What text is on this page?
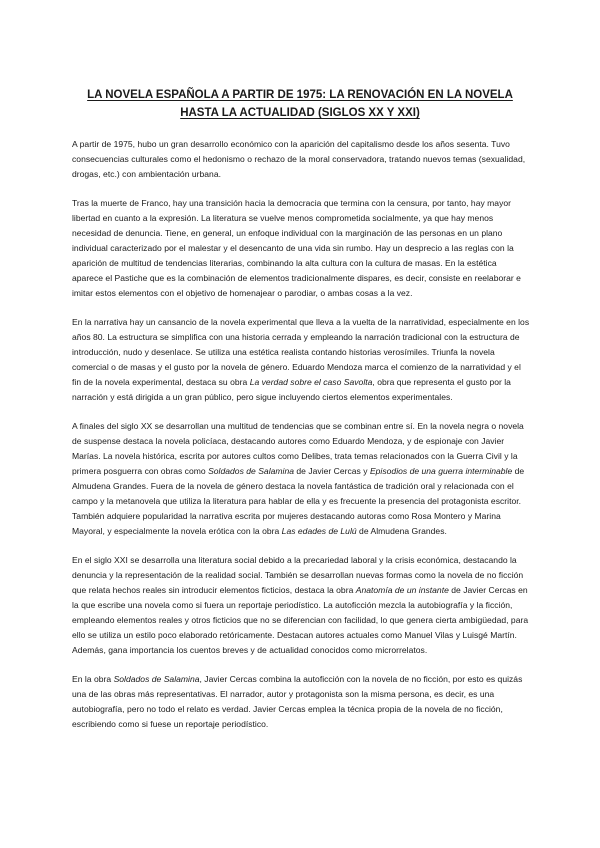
LA NOVELA ESPAÑOLA A PARTIR DE 1975: LA RENOVACIÓN EN LA NOVELA HASTA LA ACTUALIDAD (SIGLOS XX Y XXI)

A partir de 1975, hubo un gran desarrollo económico con la aparición del capitalismo desde los años sesenta. Tuvo consecuencias culturales como el hedonismo o rechazo de la moral conservadora, tratando nuevos temas (sexualidad, drogas, etc.) con ambientación urbana.

Tras la muerte de Franco, hay una transición hacia la democracia que termina con la censura, por tanto, hay mayor libertad en cuanto a la expresión. La literatura se vuelve menos comprometida socialmente, ya que hay menos necesidad de denuncia. Tiene, en general, un enfoque individual con la marginación de las personas en un plano individual caracterizado por el malestar y el desencanto de una vida sin rumbo. Hay un desprecio a las reglas con la aparición de multitud de tendencias literarias, combinando la alta cultura con la cultura de masas. En la estética aparece el Pastiche que es la combinación de elementos tradicionalmente dispares, es decir, consiste en reelaborar e imitar estos elementos con el objetivo de homenajear o parodiar, o ambas cosas a la vez.

En la narrativa hay un cansancio de la novela experimental que lleva a la vuelta de la narratividad, especialmente en los años 80. La estructura se simplifica con una historia cerrada y empleando la narración tradicional con la estructura de introducción, nudo y desenlace. Se utiliza una estética realista contando historias verosímiles. Triunfa la novela comercial o de masas y el gusto por la novela de género. Eduardo Mendoza marca el comienzo de la narratividad y el fin de la novela experimental, destaca su obra La verdad sobre el caso Savolta, obra que representa el gusto por la narración y está dirigida a un gran público, pero sigue incluyendo ciertos elementos experimentales.

A finales del siglo XX se desarrollan una multitud de tendencias que se combinan entre sí. En la novela negra o novela de suspense destaca la novela policíaca, destacando autores como Eduardo Mendoza, y de espionaje con Javier Marías. La novela histórica, escrita por autores cultos como Delibes, trata temas relacionados con la Guerra Civil y la primera posguerra con obras como Soldados de Salamina de Javier Cercas y Episodios de una guerra interminable de Almudena Grandes. Fuera de la novela de género destaca la novela fantástica de tradición oral y relacionada con el campo y la metanovela que utiliza la literatura para hablar de ella y es frecuente la presencia del protagonista escritor. También adquiere popularidad la narrativa escrita por mujeres destacando autoras como Rosa Montero y Marina Mayoral, y especialmente la novela erótica con la obra Las edades de Lulú de Almudena Grandes.

En el siglo XXI se desarrolla una literatura social debido a la precariedad laboral y la crisis económica, destacando la denuncia y la representación de la realidad social. También se desarrollan nuevas formas como la novela de no ficción que relata hechos reales sin introducir elementos ficticios, destaca la obra Anatomía de un instante de Javier Cercas en la que escribe una novela como si fuera un reportaje periodístico. La autoficción mezcla la autobiografía y la ficción, empleando elementos reales y otros ficticios que no se diferencian con facilidad, lo que genera cierta ambigüedad, para ello se utiliza un estilo poco elaborado retóricamente. Destacan autores actuales como Manuel Vilas y Luisgé Martín. Además, gana importancia los cuentos breves y de actualidad conocidos como microrrelatos.

En la obra Soldados de Salamina, Javier Cercas combina la autoficción con la novela de no ficción, por esto es quizás una de las obras más representativas. El narrador, autor y protagonista son la misma persona, es decir, es una autobiografía, pero no todo el relato es verdad. Javier Cercas emplea la técnica propia de la novela de no ficción, escribiendo como si fuese un reportaje periodístico.
